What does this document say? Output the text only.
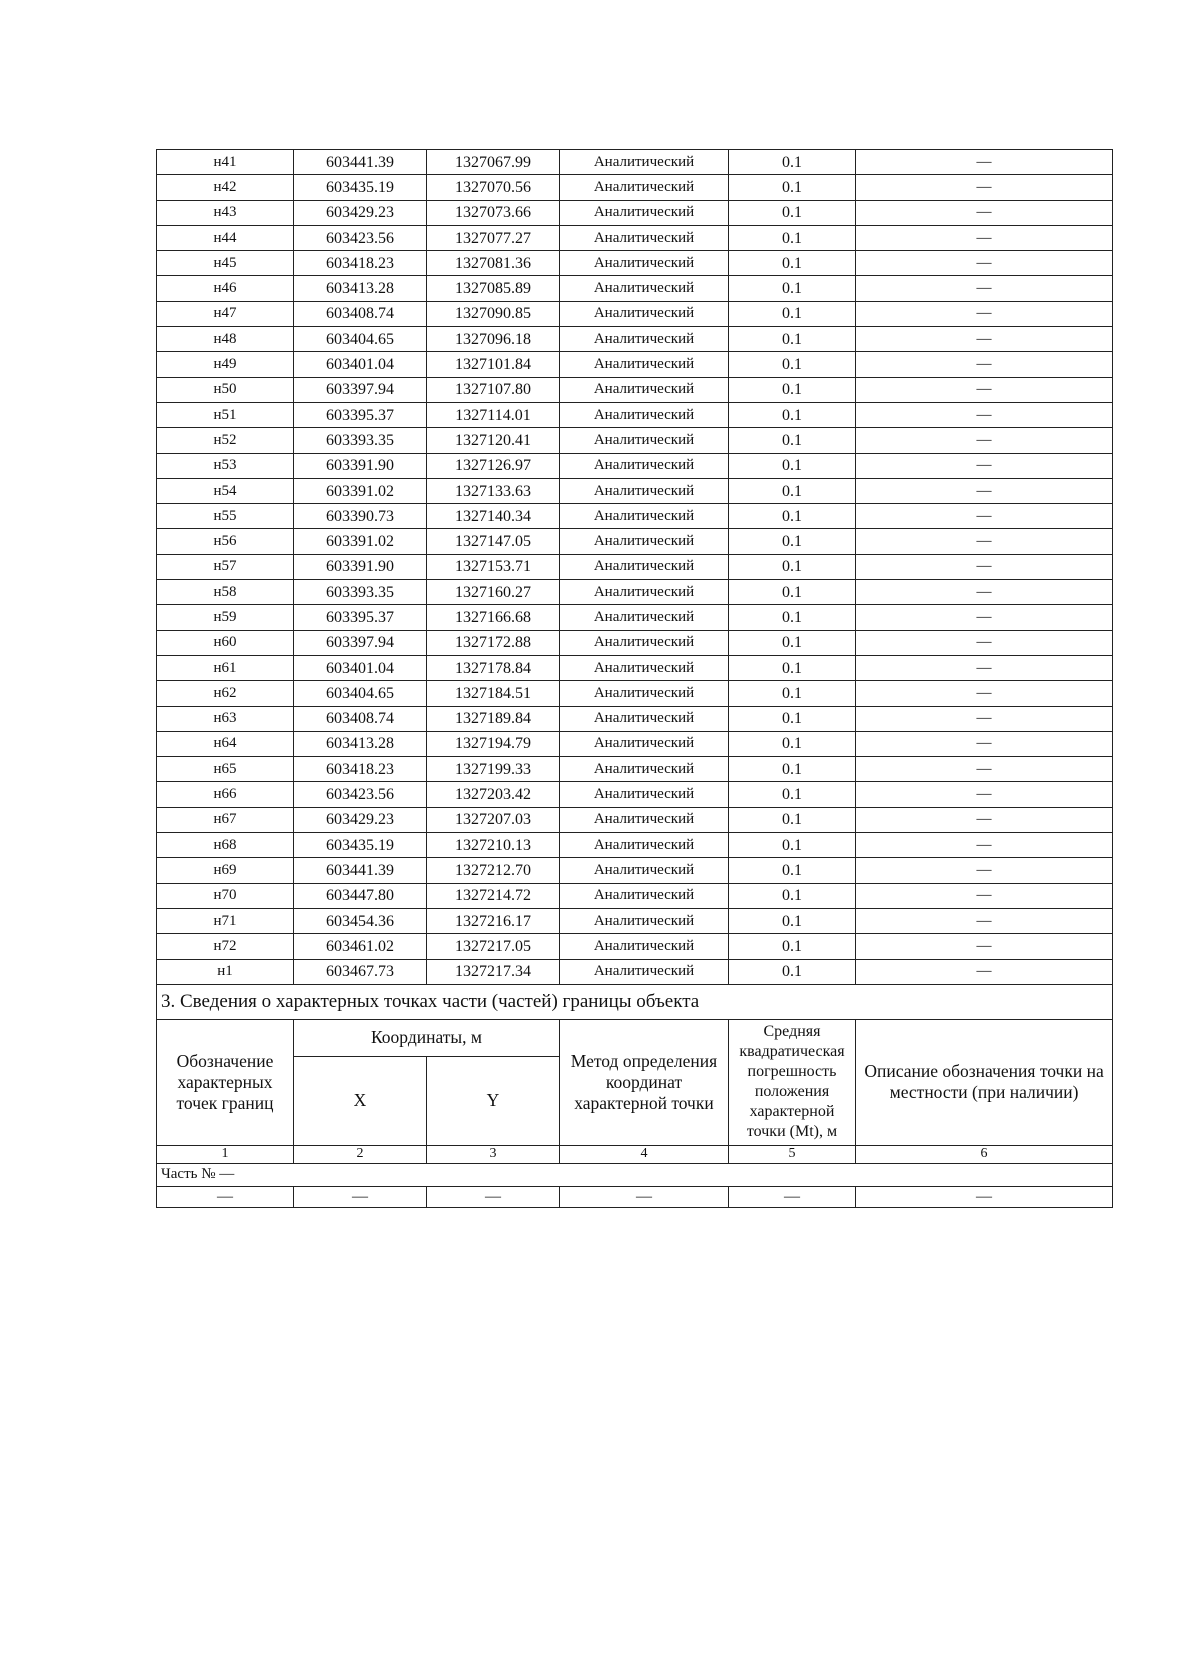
н41	603441.39	1327067.99	Аналитический	0.1	—
н42	603435.19	1327070.56	Аналитический	0.1	—
н43	603429.23	1327073.66	Аналитический	0.1	—
н44	603423.56	1327077.27	Аналитический	0.1	—
н45	603418.23	1327081.36	Аналитический	0.1	—
н46	603413.28	1327085.89	Аналитический	0.1	—
н47	603408.74	1327090.85	Аналитический	0.1	—
н48	603404.65	1327096.18	Аналитический	0.1	—
н49	603401.04	1327101.84	Аналитический	0.1	—
н50	603397.94	1327107.80	Аналитический	0.1	—
н51	603395.37	1327114.01	Аналитический	0.1	—
н52	603393.35	1327120.41	Аналитический	0.1	—
н53	603391.90	1327126.97	Аналитический	0.1	—
н54	603391.02	1327133.63	Аналитический	0.1	—
н55	603390.73	1327140.34	Аналитический	0.1	—
н56	603391.02	1327147.05	Аналитический	0.1	—
н57	603391.90	1327153.71	Аналитический	0.1	—
н58	603393.35	1327160.27	Аналитический	0.1	—
н59	603395.37	1327166.68	Аналитический	0.1	—
н60	603397.94	1327172.88	Аналитический	0.1	—
н61	603401.04	1327178.84	Аналитический	0.1	—
н62	603404.65	1327184.51	Аналитический	0.1	—
н63	603408.74	1327189.84	Аналитический	0.1	—
н64	603413.28	1327194.79	Аналитический	0.1	—
н65	603418.23	1327199.33	Аналитический	0.1	—
н66	603423.56	1327203.42	Аналитический	0.1	—
н67	603429.23	1327207.03	Аналитический	0.1	—
н68	603435.19	1327210.13	Аналитический	0.1	—
н69	603441.39	1327212.70	Аналитический	0.1	—
н70	603447.80	1327214.72	Аналитический	0.1	—
н71	603454.36	1327216.17	Аналитический	0.1	—
н72	603461.02	1327217.05	Аналитический	0.1	—
н1	603467.73	1327217.34	Аналитический	0.1	—
3. Сведения о характерных точках части (частей) границы объекта					
Обозначение характерных точек границ	Координаты, м		Метод определения координат характерной точки	Средняя квадратическая погрешность положения характерной точки (Mt), м	Описание обозначения точки на местности (при наличии)
	X	Y			
1	2	3	4	5	6
Часть № —					
—	—	—	—	—	—
